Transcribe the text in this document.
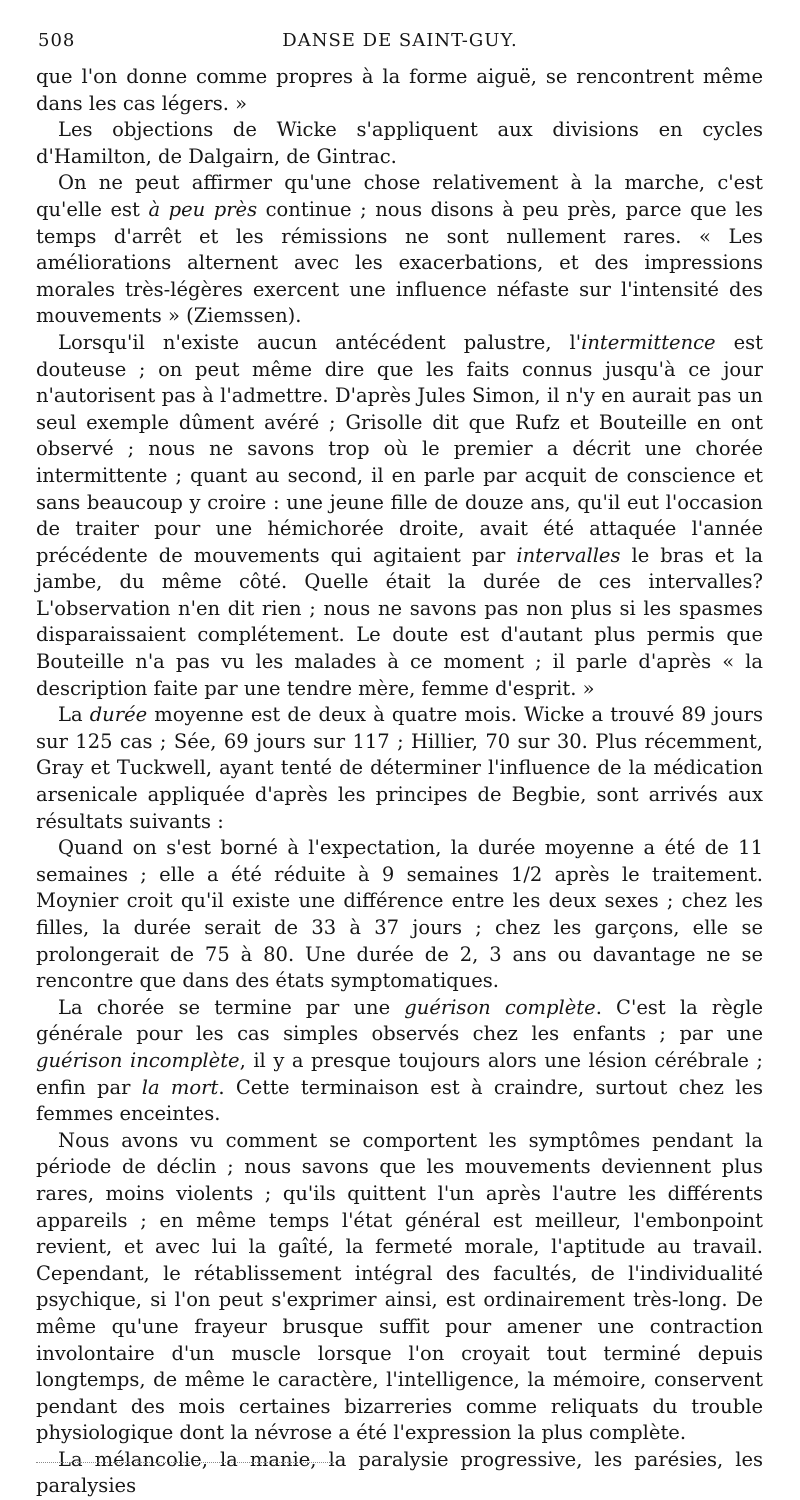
508	DANSE DE SAINT-GUY.

que l'on donne comme propres à la forme aiguë, se rencontrent même dans les cas légers. »

Les objections de Wicke s'appliquent aux divisions en cycles d'Hamilton, de Dalgairn, de Gintrac.

On ne peut affirmer qu'une chose relativement à la marche, c'est qu'elle est à peu près continue ; nous disons à peu près, parce que les temps d'arrêt et les rémissions ne sont nullement rares. « Les améliorations alternent avec les exacerbations, et des impressions morales très-légères exercent une influence néfaste sur l'intensité des mouvements » (Ziemssen).

Lorsqu'il n'existe aucun antécédent palustre, l'intermittence est douteuse ; on peut même dire que les faits connus jusqu'à ce jour n'autorisent pas à l'admettre. D'après Jules Simon, il n'y en aurait pas un seul exemple dûment avéré ; Grisolle dit que Rufz et Bouteille en ont observé ; nous ne savons trop où le premier a décrit une chorée intermittente ; quant au second, il en parle par acquit de conscience et sans beaucoup y croire : une jeune fille de douze ans, qu'il eut l'occasion de traiter pour une hémichorée droite, avait été attaquée l'année précédente de mouvements qui agitaient par intervalles le bras et la jambe, du même côté. Quelle était la durée de ces intervalles? L'observation n'en dit rien ; nous ne savons pas non plus si les spasmes disparaissaient complétement. Le doute est d'autant plus permis que Bouteille n'a pas vu les malades à ce moment ; il parle d'après « la description faite par une tendre mère, femme d'esprit. »

La durée moyenne est de deux à quatre mois. Wicke a trouvé 89 jours sur 125 cas ; Sée, 69 jours sur 117 ; Hillier, 70 sur 30. Plus récemment, Gray et Tuckwell, ayant tenté de déterminer l'influence de la médication arsenicale appliquée d'après les principes de Begbie, sont arrivés aux résultats suivants :

Quand on s'est borné à l'expectation, la durée moyenne a été de 11 semaines ; elle a été réduite à 9 semaines 1/2 après le traitement. Moynier croit qu'il existe une différence entre les deux sexes ; chez les filles, la durée serait de 33 à 37 jours ; chez les garçons, elle se prolongerait de 75 à 80. Une durée de 2, 3 ans ou davantage ne se rencontre que dans des états symptomatiques.

La chorée se termine par une guérison complète. C'est la règle générale pour les cas simples observés chez les enfants ; par une guérison incomplète, il y a presque toujours alors une lésion cérébrale ; enfin par la mort. Cette terminaison est à craindre, surtout chez les femmes enceintes.

Nous avons vu comment se comportent les symptômes pendant la période de déclin ; nous savons que les mouvements deviennent plus rares, moins violents ; qu'ils quittent l'un après l'autre les différents appareils ; en même temps l'état général est meilleur, l'embonpoint revient, et avec lui la gaîté, la fermeté morale, l'aptitude au travail. Cependant, le rétablissement intégral des facultés, de l'individualité psychique, si l'on peut s'exprimer ainsi, est ordinairement très-long. De même qu'une frayeur brusque suffit pour amener une contraction involontaire d'un muscle lorsque l'on croyait tout terminé depuis longtemps, de même le caractère, l'intelligence, la mémoire, conservent pendant des mois certaines bizarreries comme reliquats du trouble physiologique dont la névrose a été l'expression la plus complète.

La mélancolie, la manie, la paralysie progressive, les parésies, les paralysies
